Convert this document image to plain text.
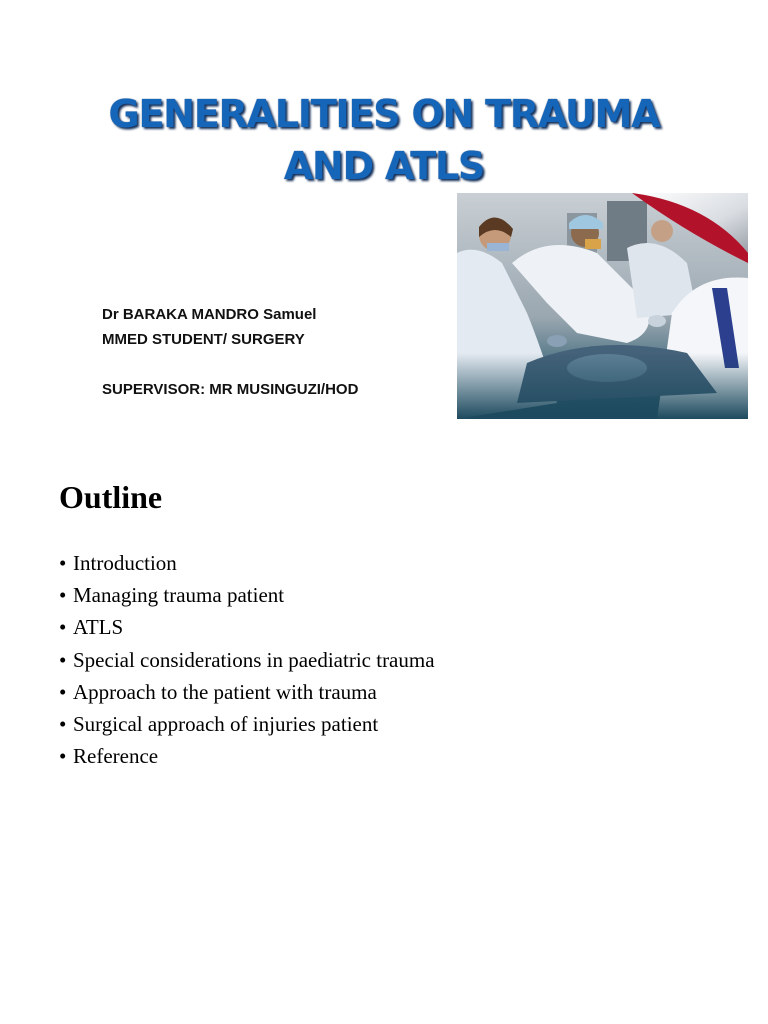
GENERALITIES ON TRAUMA
AND ATLS
Dr BARAKA MANDRO Samuel
MMED STUDENT/ SURGERY
SUPERVISOR: MR MUSINGUZI/HOD
Outline
• Introduction
• Managing trauma patient
• ATLS
• Special considerations in paediatric trauma
• Approach to the patient with trauma
• Surgical approach of injuries patient
• Reference
